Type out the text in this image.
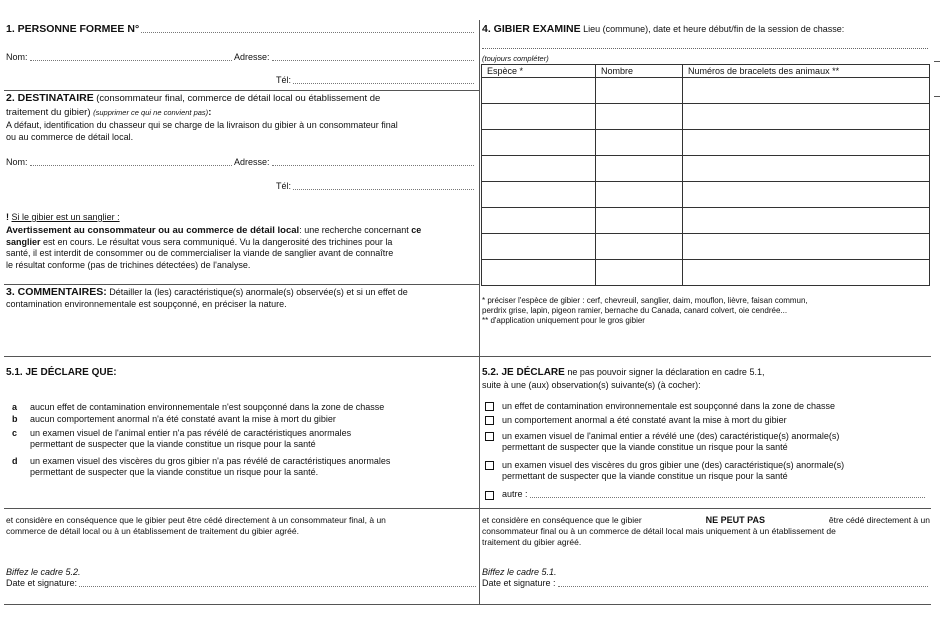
1. PERSONNE FORMEE N°
Nom:	Adresse:
Tél:
2. DESTINATAIRE (consommateur final, commerce de détail local ou établissement de
traitement du gibier) (supprimer ce qui ne convient pas):
A défaut, identification du chasseur qui se charge de la livraison du gibier à un consommateur final
ou au commerce de détail local.
Nom:	Adresse:
Tél:
! Si le gibier est un sanglier :
Avertissement au consommateur ou au commerce de détail local: une recherche concernant ce
sanglier est en cours. Le résultat vous sera communiqué. Vu la dangerosité des trichines pour la
santé, il est interdit de consommer ou de commercialiser la viande de sanglier avant de connaître
le résultat conforme (pas de trichines détectées) de l'analyse.
3. COMMENTAIRES: Détailler la (les) caractéristique(s) anormale(s) observée(s) et si un effet de
contamination environnementale est soupçonné, en préciser la nature.
4. GIBIER EXAMINE Lieu (commune), date et heure début/fin de la session de chasse:
(toujours compléter)
Espèce *	Nombre	Numéros de bracelets des animaux **

* préciser l'espèce de gibier : cerf, chevreuil, sanglier, daim, mouflon, lièvre, faisan commun,
perdrix grise, lapin, pigeon ramier, bernache du Canada, canard colvert, oie cendrée...
** d'application uniquement pour le gros gibier
5.1. JE DÉCLARE QUE:
a	aucun effet de contamination environnementale n'est soupçonné dans la zone de chasse
b	aucun comportement anormal n'a été constaté avant la mise à mort du gibier
c	un examen visuel de l'animal entier n'a pas révélé de caractéristiques anormales
permettant de suspecter que la viande constitue un risque pour la santé
d	un examen visuel des viscères du gros gibier n'a pas révélé de caractéristiques anormales
permettant de suspecter que la viande constitue un risque pour la santé.
et considère en conséquence que le gibier peut être cédé directement à un consommateur final, à un
commerce de détail local ou à un établissement de traitement du gibier agréé.
Biffez le cadre 5.2.
Date et signature:
5.2. JE DÉCLARE ne pas pouvoir signer la déclaration en cadre 5.1,
suite à une (aux) observation(s) suivante(s) (à cocher):
un effet de contamination environnementale est soupçonné dans la zone de chasse
un comportement anormal a été constaté avant la mise à mort du gibier
un examen visuel de l'animal entier a révélé une (des) caractéristique(s) anormale(s)
permettant de suspecter que la viande constitue un risque pour la santé
un examen visuel des viscères du gros gibier une (des) caractéristique(s) anormale(s)
permettant de suspecter que la viande constitue un risque pour la santé
autre :
et considère en conséquence que le gibier	NE PEUT PAS	être cédé directement à un
consommateur final ou à un commerce de détail local mais uniquement à un établissement de
traitement du gibier agréé.
Biffez le cadre 5.1.
Date et signature :
